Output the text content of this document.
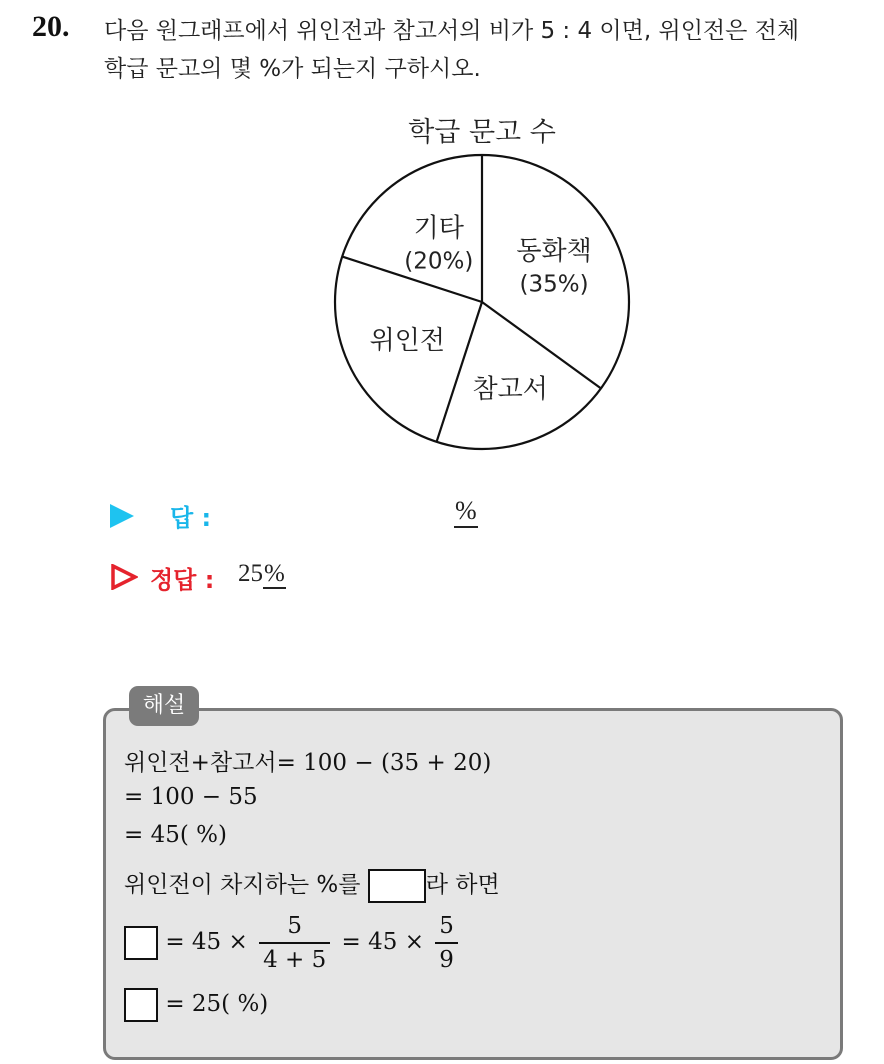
20. 다음 원그래프에서 위인전과 참고서의 비가 5 : 4 이면, 위인전은 전체
학급 문고의 몇 %가 되는지 구하시오.
학급 문고 수
동화책
(35%)
참고서
위인전
기타
(20%)
답 :	%
정답 : 25%
해설
위인전+참고서= 100 − (35 + 20)
= 100 − 55
= 45( %)
위인전이 차지하는 %를	라 하면
= $45 \times \frac{5}{4 + 5} = 45 \times \frac{5}{9}$
= 25( %)
